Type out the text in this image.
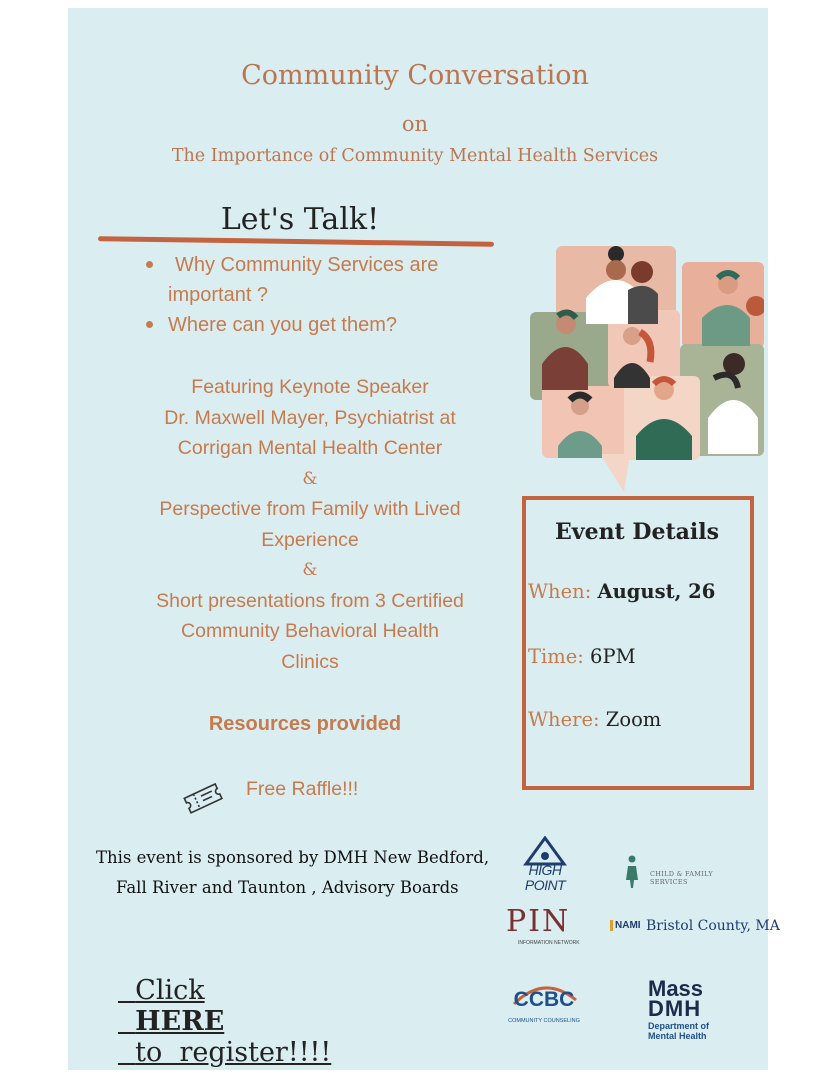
Community Conversation
on
The Importance of Community Mental Health Services
Let's Talk!
Why Community Services are
important ?
Where can you get them?
Featuring Keynote Speaker
Dr. Maxwell Mayer, Psychiatrist at
Corrigan Mental Health Center
&
Perspective from Family with Lived
Experience
&
Short presentations from 3 Certified
Community Behavioral Health
Clinics
Resources provided
Free Raffle!!!
Event Details
When: August, 26
Time: 6PM
Where: Zoom
This event is sponsored by DMH New Bedford,
Fall River and Taunton , Advisory Boards

Click
HERE
to  register!!!!

HIGH
POINT
CHILD & FAMILY SERVICES
PIN
INFORMATION NETWORK
NAMI Bristol County, MA
CCBC
COMMUNITY COUNSELING
Mass
DMH
Department of
Mental Health
